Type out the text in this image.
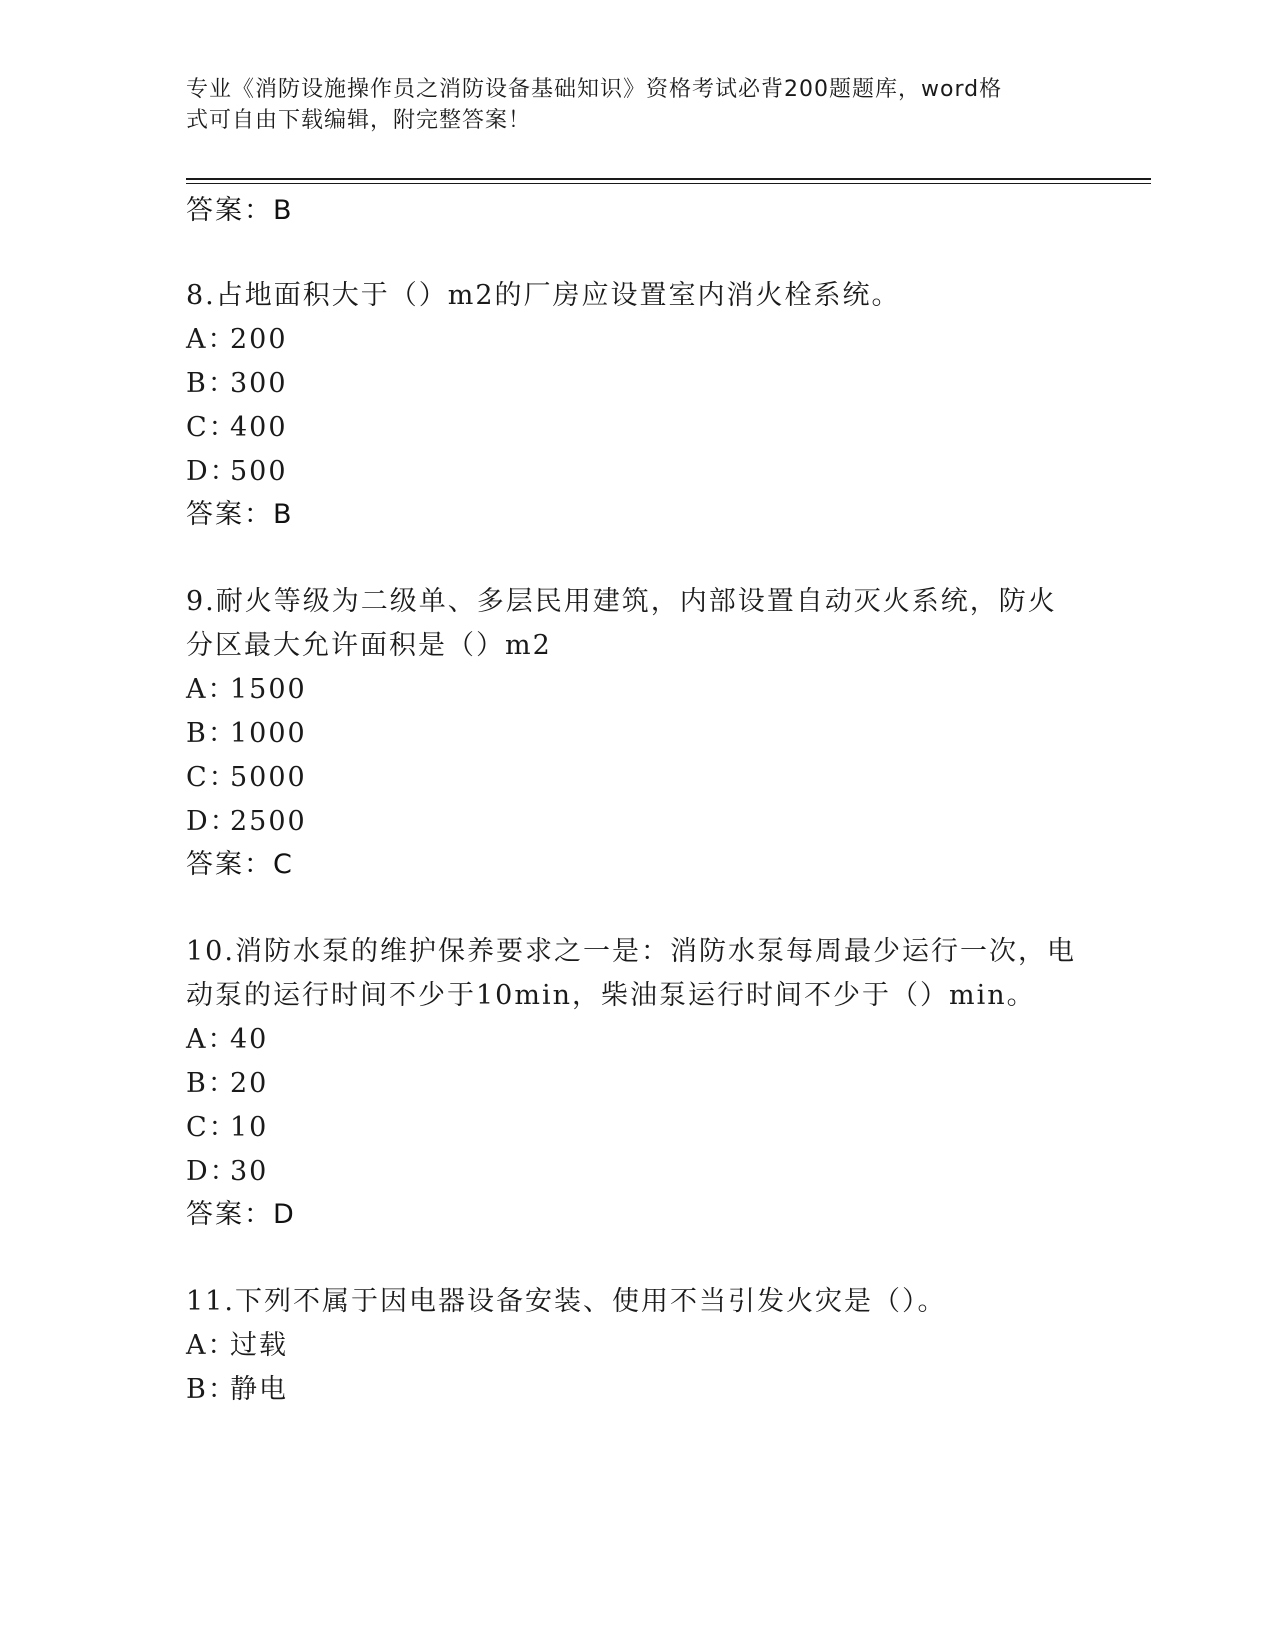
专业《消防设施操作员之消防设备基础知识》资格考试必背200题题库，word格
式可自由下载编辑，附完整答案！
答案：B
8.占地面积大于（）m2的厂房应设置室内消火栓系统。
A：200
B：300
C：400
D：500
答案：B
9.耐火等级为二级单、多层民用建筑，内部设置自动灭火系统，防火
分区最大允许面积是（）m2
A：1500
B：1000
C：5000
D：2500
答案：C
10.消防水泵的维护保养要求之一是：消防水泵每周最少运行一次，电
动泵的运行时间不少于10min，柴油泵运行时间不少于（）min。
A：40
B：20
C：10
D：30
答案：D
11.下列不属于因电器设备安装、使用不当引发火灾是（）。
A：过载
B：静电
